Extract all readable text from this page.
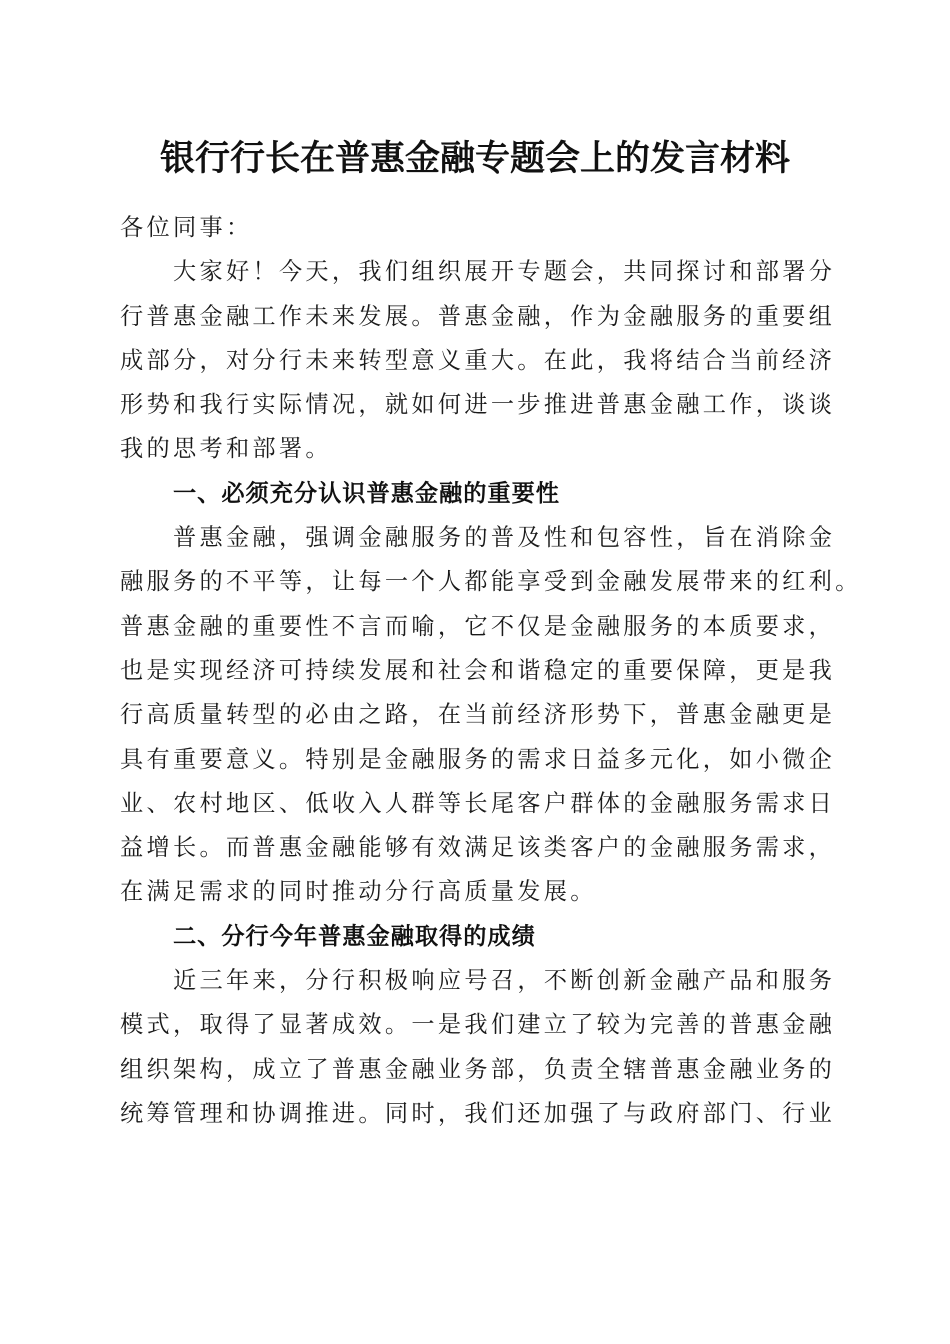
银行行长在普惠金融专题会上的发言材料
各位同事：
大家好！今天，我们组织展开专题会，共同探讨和部署分
行普惠金融工作未来发展。普惠金融，作为金融服务的重要组
成部分，对分行未来转型意义重大。在此，我将结合当前经济
形势和我行实际情况，就如何进一步推进普惠金融工作，谈谈
我的思考和部署。
一、必须充分认识普惠金融的重要性
普惠金融，强调金融服务的普及性和包容性，旨在消除金
融服务的不平等，让每一个人都能享受到金融发展带来的红利。
普惠金融的重要性不言而喻，它不仅是金融服务的本质要求，
也是实现经济可持续发展和社会和谐稳定的重要保障，更是我
行高质量转型的必由之路，在当前经济形势下，普惠金融更是
具有重要意义。特别是金融服务的需求日益多元化，如小微企
业、农村地区、低收入人群等长尾客户群体的金融服务需求日
益增长。而普惠金融能够有效满足该类客户的金融服务需求，
在满足需求的同时推动分行高质量发展。
二、分行今年普惠金融取得的成绩
近三年来，分行积极响应号召，不断创新金融产品和服务
模式，取得了显著成效。一是我们建立了较为完善的普惠金融
组织架构，成立了普惠金融业务部，负责全辖普惠金融业务的
统筹管理和协调推进。同时，我们还加强了与政府部门、行业
